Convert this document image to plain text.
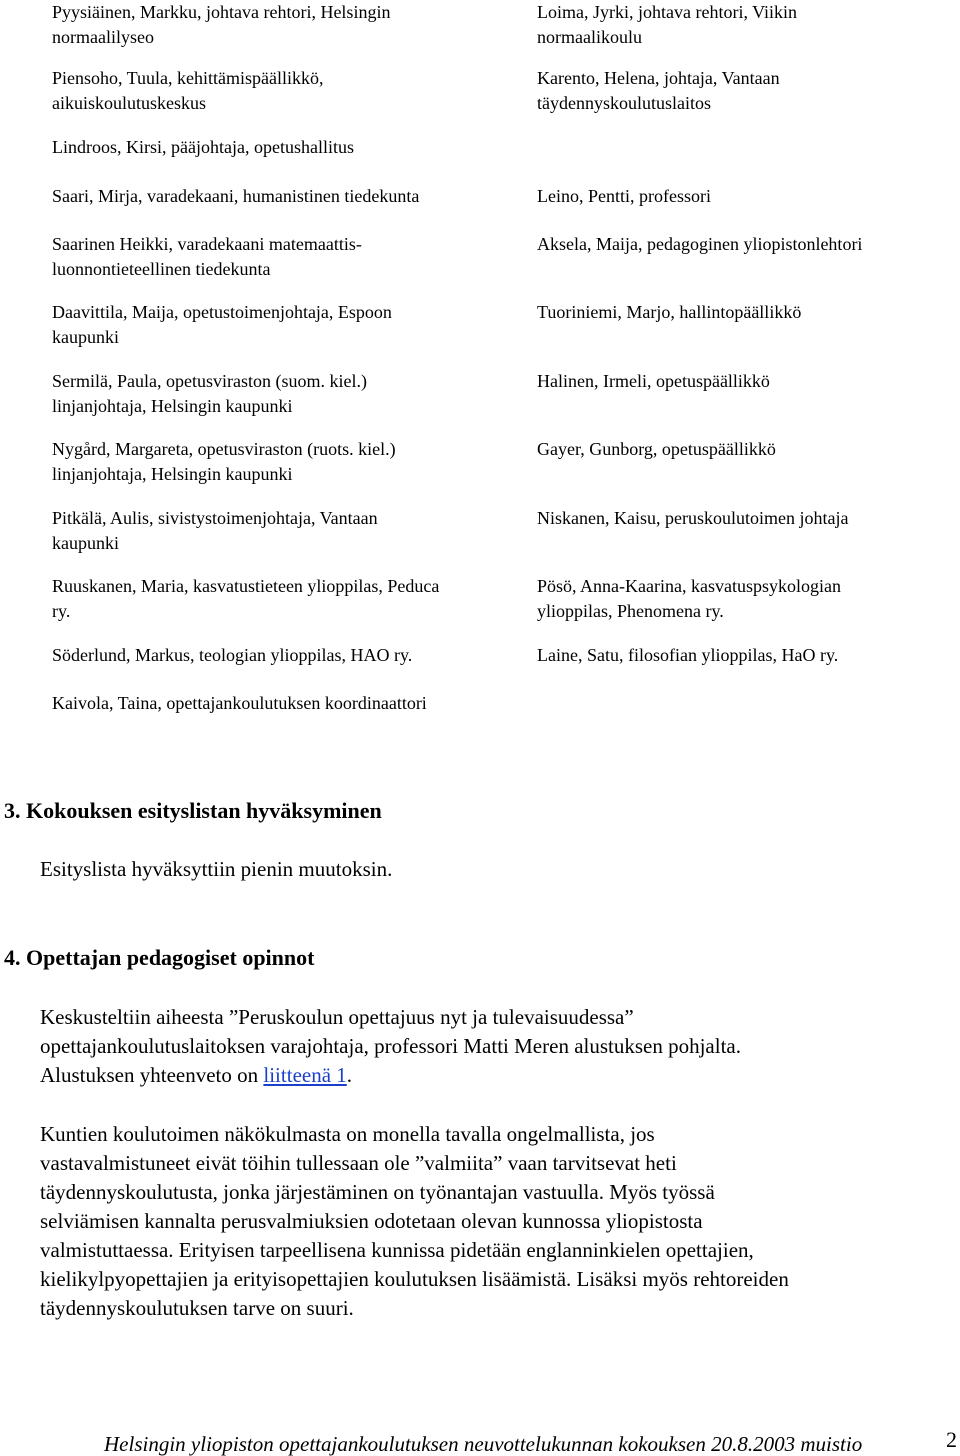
Pyysiäinen, Markku, johtava rehtori, Helsingin
normaalilyseo

Piensoho, Tuula, kehittämispäällikkö,
aikuiskoulutuskeskus

Lindroos, Kirsi, pääjohtaja, opetushallitus

Saari, Mirja, varadekaani, humanistinen tiedekunta

Saarinen Heikki, varadekaani matemaattis-
luonnontieteellinen tiedekunta

Daavittila, Maija, opetustoimenjohtaja, Espoon
kaupunki

Sermilä, Paula, opetusviraston (suom. kiel.)
linjanjohtaja, Helsingin kaupunki

Nygård, Margareta, opetusviraston (ruots. kiel.)
linjanjohtaja, Helsingin kaupunki

Pitkälä, Aulis, sivistystoimenjohtaja, Vantaan
kaupunki

Ruuskanen, Maria, kasvatustieteen ylioppilas, Peduca
ry.

Söderlund, Markus, teologian ylioppilas, HAO ry.

Kaivola, Taina, opettajankoulutuksen koordinaattori

Loima, Jyrki, johtava rehtori, Viikin
normaalikoulu

Karento, Helena, johtaja, Vantaan
täydennyskoulutuslaitos

Leino, Pentti, professori

Aksela, Maija, pedagoginen yliopistonlehtori

Tuoriniemi, Marjo, hallintopäällikkö

Halinen, Irmeli, opetuspäällikkö

Gayer, Gunborg, opetuspäällikkö

Niskanen, Kaisu, peruskoulutoimen johtaja

Pösö, Anna-Kaarina, kasvatuspsykologian
ylioppilas, Phenomena ry.

Laine, Satu, filosofian ylioppilas, HaO ry.

3. Kokouksen esityslistan hyväksyminen

Esityslista hyväksyttiin pienin muutoksin.

4. Opettajan pedagogiset opinnot

Keskusteltiin aiheesta ”Peruskoulun opettajuus nyt ja tulevaisuudessa”
opettajankoulutuslaitoksen varajohtaja, professori Matti Meren alustuksen pohjalta.
Alustuksen yhteenveto on liitteenä 1.

Kuntien koulutoimen näkökulmasta on monella tavalla ongelmallista, jos
vastavalmistuneet eivät töihin tullessaan ole ”valmiita” vaan tarvitsevat heti
täydennyskoulutusta, jonka järjestäminen on työnantajan vastuulla. Myös työssä
selviämisen kannalta perusvalmiuksien odotetaan olevan kunnossa yliopistosta
valmistuttaessa. Erityisen tarpeellisena kunnissa pidetään englanninkielen opettajien,
kielikylpyopettajien ja erityisopettajien koulutuksen lisäämistä. Lisäksi myös rehtoreiden
täydennyskoulutuksen tarve on suuri.

Helsingin yliopiston opettajankoulutuksen neuvottelukunnan kokouksen 20.8.2003 muistio	2
